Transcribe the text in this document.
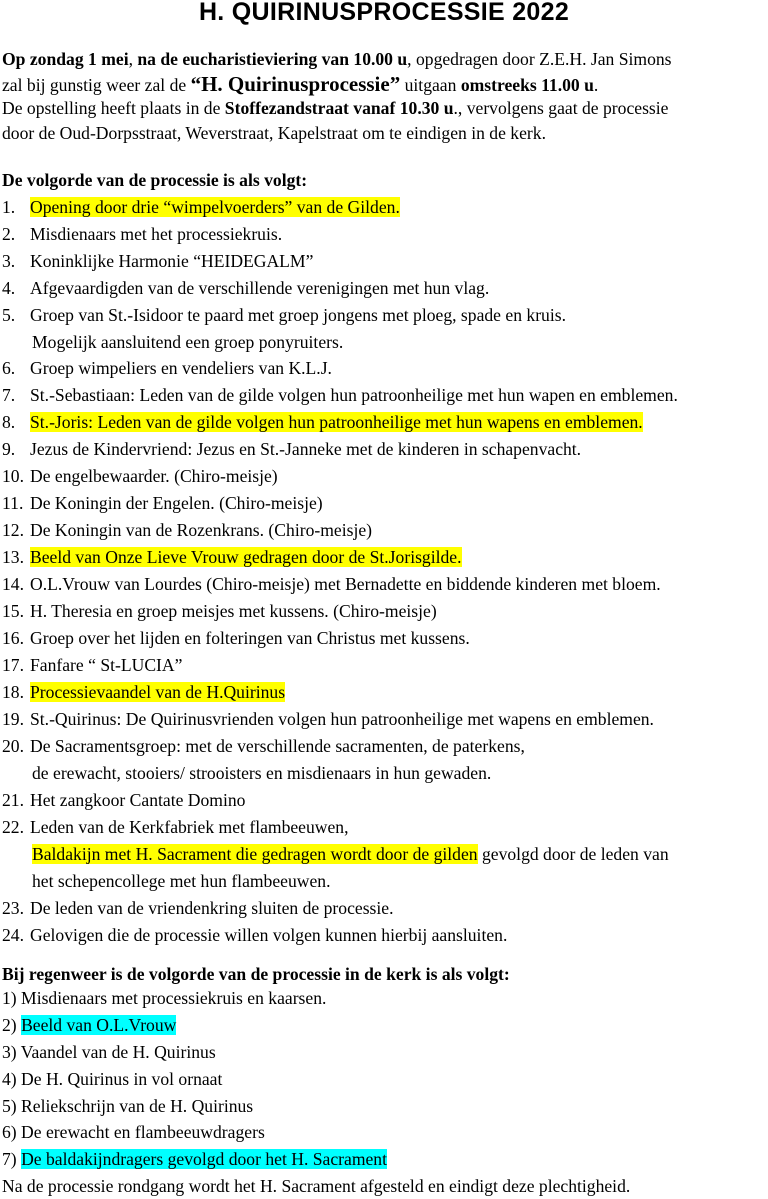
H. QUIRINUSPROCESSIE 2022
Op zondag 1 mei, na de eucharistieviering van 10.00 u, opgedragen door Z.E.H. Jan Simons
zal bij gunstig weer zal de “H. Quirinusprocessie” uitgaan omstreeks 11.00 u.
De opstelling heeft plaats in de Stoffezandstraat vanaf 10.30 u., vervolgens gaat de processie
door de Oud-Dorpsstraat, Weverstraat, Kapelstraat om te eindigen in de kerk.
De volgorde van de processie is als volgt:
1. Opening door drie “wimpelvoerders” van de Gilden.
2. Misdienaars met het processiekruis.
3. Koninklijke Harmonie “HEIDEGALM”
4. Afgevaardigden van de verschillende verenigingen met hun vlag.
5. Groep van St.-Isidoor te paard met groep jongens met ploeg, spade en kruis.
Mogelijk aansluitend een groep ponyruiters.
6. Groep wimpeliers en vendeliers van K.L.J.
7. St.-Sebastiaan: Leden van de gilde volgen hun patroonheilige met hun wapen en emblemen.
8. St.-Joris: Leden van de gilde volgen hun patroonheilige met hun wapens en emblemen.
9. Jezus de Kindervriend: Jezus en St.-Janneke met de kinderen in schapenvacht.
10. De engelbewaarder. (Chiro-meisje)
11. De Koningin der Engelen. (Chiro-meisje)
12. De Koningin van de Rozenkrans. (Chiro-meisje)
13. Beeld van Onze Lieve Vrouw gedragen door de St.Jorisgilde.
14. O.L.Vrouw van Lourdes (Chiro-meisje) met Bernadette en biddende kinderen met bloem.
15. H. Theresia en groep meisjes met kussens. (Chiro-meisje)
16. Groep over het lijden en folteringen van Christus met kussens.
17. Fanfare “ St-LUCIA”
18. Processievaandel van de H.Quirinus
19. St.-Quirinus: De Quirinusvrienden volgen hun patroonheilige met wapens en emblemen.
20. De Sacramentsgroep: met de verschillende sacramenten, de paterkens,
de erewacht, stooiers/ strooisters en misdienaars in hun gewaden.
21. Het zangkoor Cantate Domino
22. Leden van de Kerkfabriek met flambeeuwen,
Baldakijn met H. Sacrament die gedragen wordt door de gilden gevolgd door de leden van
het schepencollege met hun flambeeuwen.
23. De leden van de vriendenkring sluiten de processie.
24. Gelovigen die de processie willen volgen kunnen hierbij aansluiten.
Bij regenweer is de volgorde van de processie in de kerk is als volgt:
1) Misdienaars met processiekruis en kaarsen.
2) Beeld van O.L.Vrouw
3) Vaandel van de H. Quirinus
4) De H. Quirinus in vol ornaat
5) Reliekschrijn van de H. Quirinus
6) De erewacht en flambeeuwdragers
7) De baldakijndragers gevolgd door het H. Sacrament
Na de processie rondgang wordt het H. Sacrament afgesteld en eindigt deze plechtigheid.
